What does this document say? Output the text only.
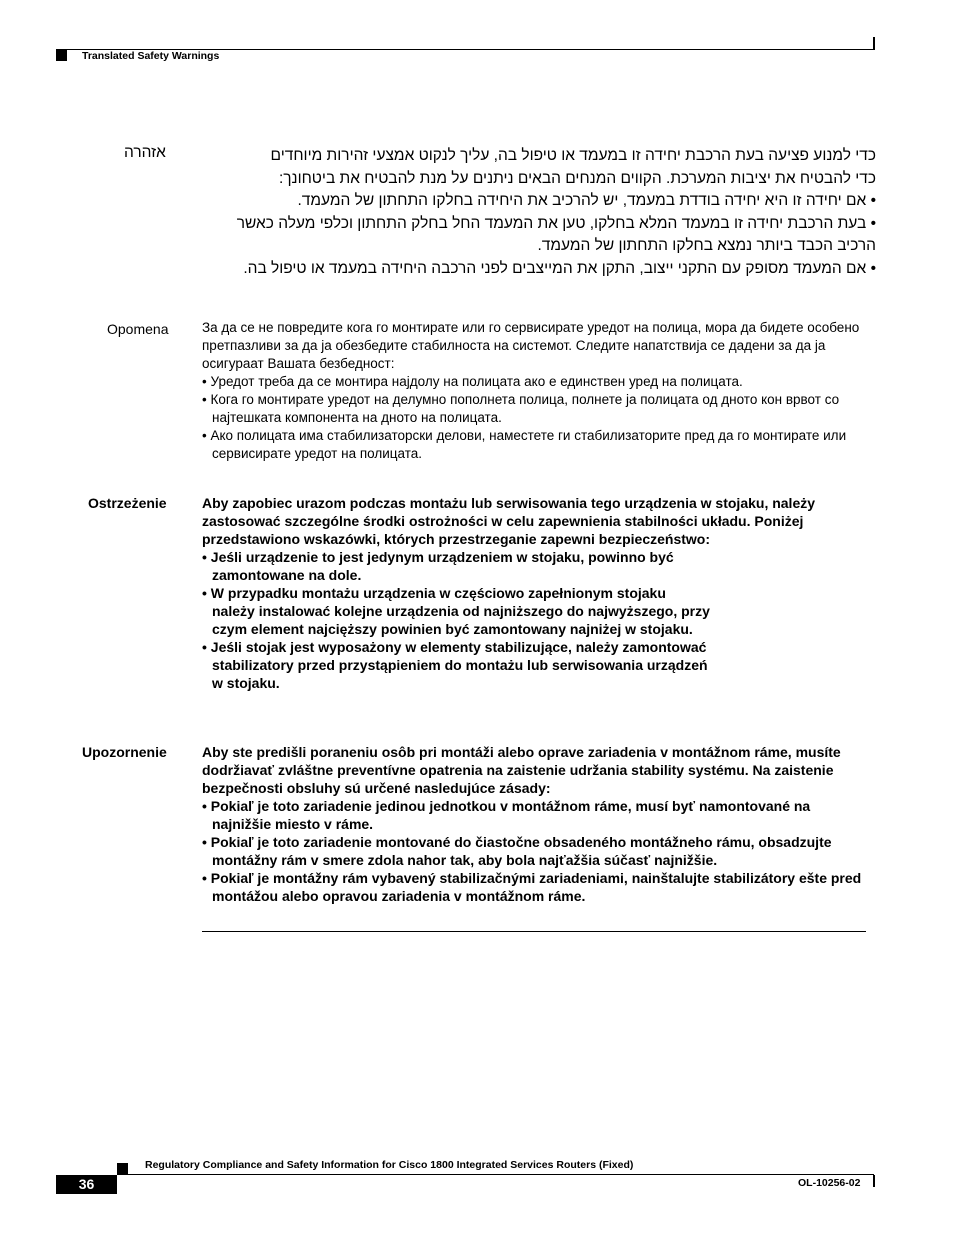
Translated Safety Warnings
אזהרה	כדי למנוע פציעה בעת הרכבת יחידה זו במעמד או טיפול בה, עליך לנקוט אמצעי זהירות מיוחדים

כדי להבטיח את יציבות המערכת. הקווים המנחים הבאים ניתנים על מנת להבטיח את ביטחונך:

• אם יחידה זו היא יחידה בודדת במעמד, יש להרכיב את היחידה בחלקו התחתון של המעמד.
• בעת הרכבת יחידה זו במעמד המלא בחלקו, טען את המעמד החל בחלק התחתון וכלפי מעלה כאשר הרכיב הכבד ביותר נמצא בחלקו התחתון של המעמד.
• אם המעמד מסופק עם התקני ייצוב, התקן את המייצבים לפני הרכבה היחידה במעמד או טיפול בה.
Opomena За да се не повредите кога го монтирате или го сервисирате уредот на полица, мора да бидете особено претпазливи за да ја обезбедите стабилноста на системот. Следите напатствија се дадени за да ја осигураат Вашата безбедност:

• Уредот треба да се монтира најдолу на полицата ако е единствен уред на полицата.
• Кога го монтирате уредот на делумно пополнета полица, полнете ја полицата од дното кон врвот со најтешката компонента на дното на полицата.
• Ако полицата има стабилизаторски делови, наместете ги стабилизаторите пред да го монтирате или сервисирате уредот на полицата.
Ostrzeżenie	Aby zapobiec urazom podczas montażu lub serwisowania tego urządzenia w stojaku, należy zastosować szczególne środki ostrożności w celu zapewnienia stabilności układu. Poniżej przedstawiono wskazówki, których przestrzeganie zapewni bezpieczeństwo:

• Jeśli urządzenie to jest jedynym urządzeniem w stojaku, powinno być zamontowane na dole.
• W przypadku montażu urządzenia w częściowo zapełnionym stojaku należy instalować kolejne urządzenia od najniższego do najwyższego, przy czym element najcięższy powinien być zamontowany najniżej w stojaku.
• Jeśli stojak jest wyposażony w elementy stabilizujące, należy zamontować stabilizatory przed przystąpieniem do montażu lub serwisowania urządzeń w stojaku.
Upozornenie	Aby ste predišli poraneniu osôb pri montáži alebo oprave zariadenia v montážnom ráme, musíte dodržiavať zvláštne preventívne opatrenia na zaistenie udržania stability systému. Na zaistenie bezpečnosti obsluhy sú určené nasledujúce zásady:

• Pokiaľ je toto zariadenie jedinou jednotkou v montážnom ráme, musí byť namontované na najnižšie miesto v ráme.
• Pokiaľ je toto zariadenie montované do čiastočne obsadeného montážneho rámu, obsadzujte montážny rám v smere zdola nahor tak, aby bola najťažšia súčasť najnižšie.
• Pokiaľ je montážny rám vybavený stabilizačnými zariadeniami, nainštalujte stabilizátory ešte pred montážou alebo opravou zariadenia v montážnom ráme.
Regulatory Compliance and Safety Information for Cisco 1800 Integrated Services Routers (Fixed)
36	OL-10256-02
